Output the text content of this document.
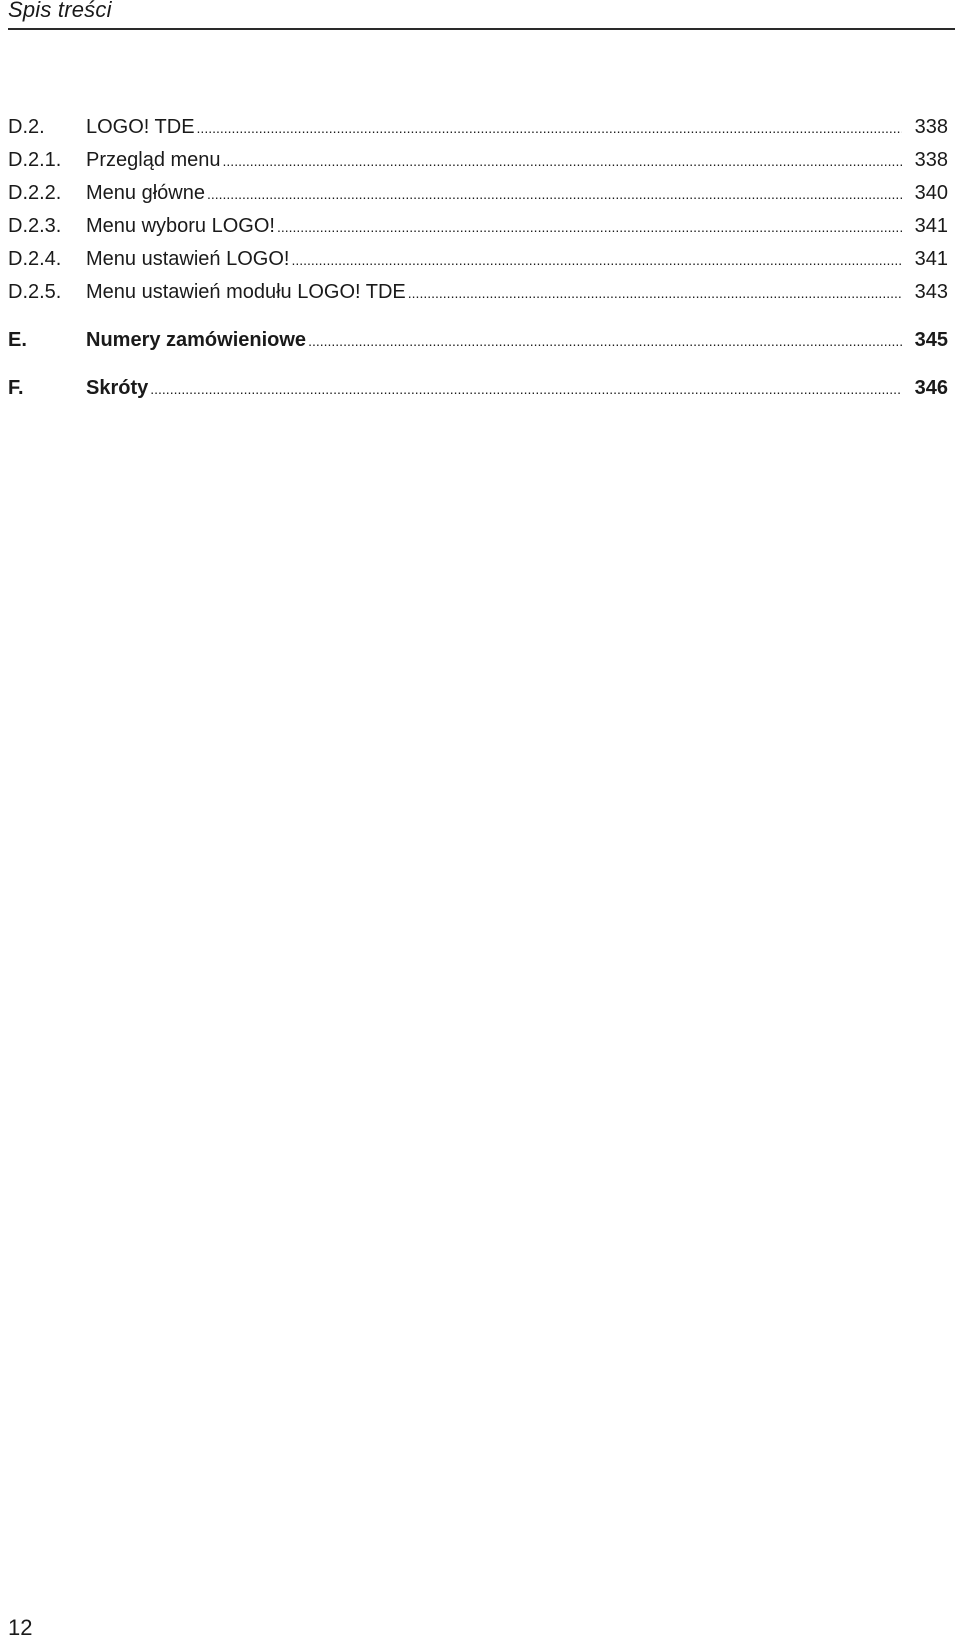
Spis treści
D.2.	LOGO! TDE .....	338
D.2.1.	Przegląd menu .....	338
D.2.2.	Menu główne .....	340
D.2.3.	Menu wyboru LOGO! .....	341
D.2.4.	Menu ustawień LOGO! .....	341
D.2.5.	Menu ustawień modułu LOGO! TDE .....	343
E.	Numery zamówieniowe .....	345
F.	Skróty .....	346
12
